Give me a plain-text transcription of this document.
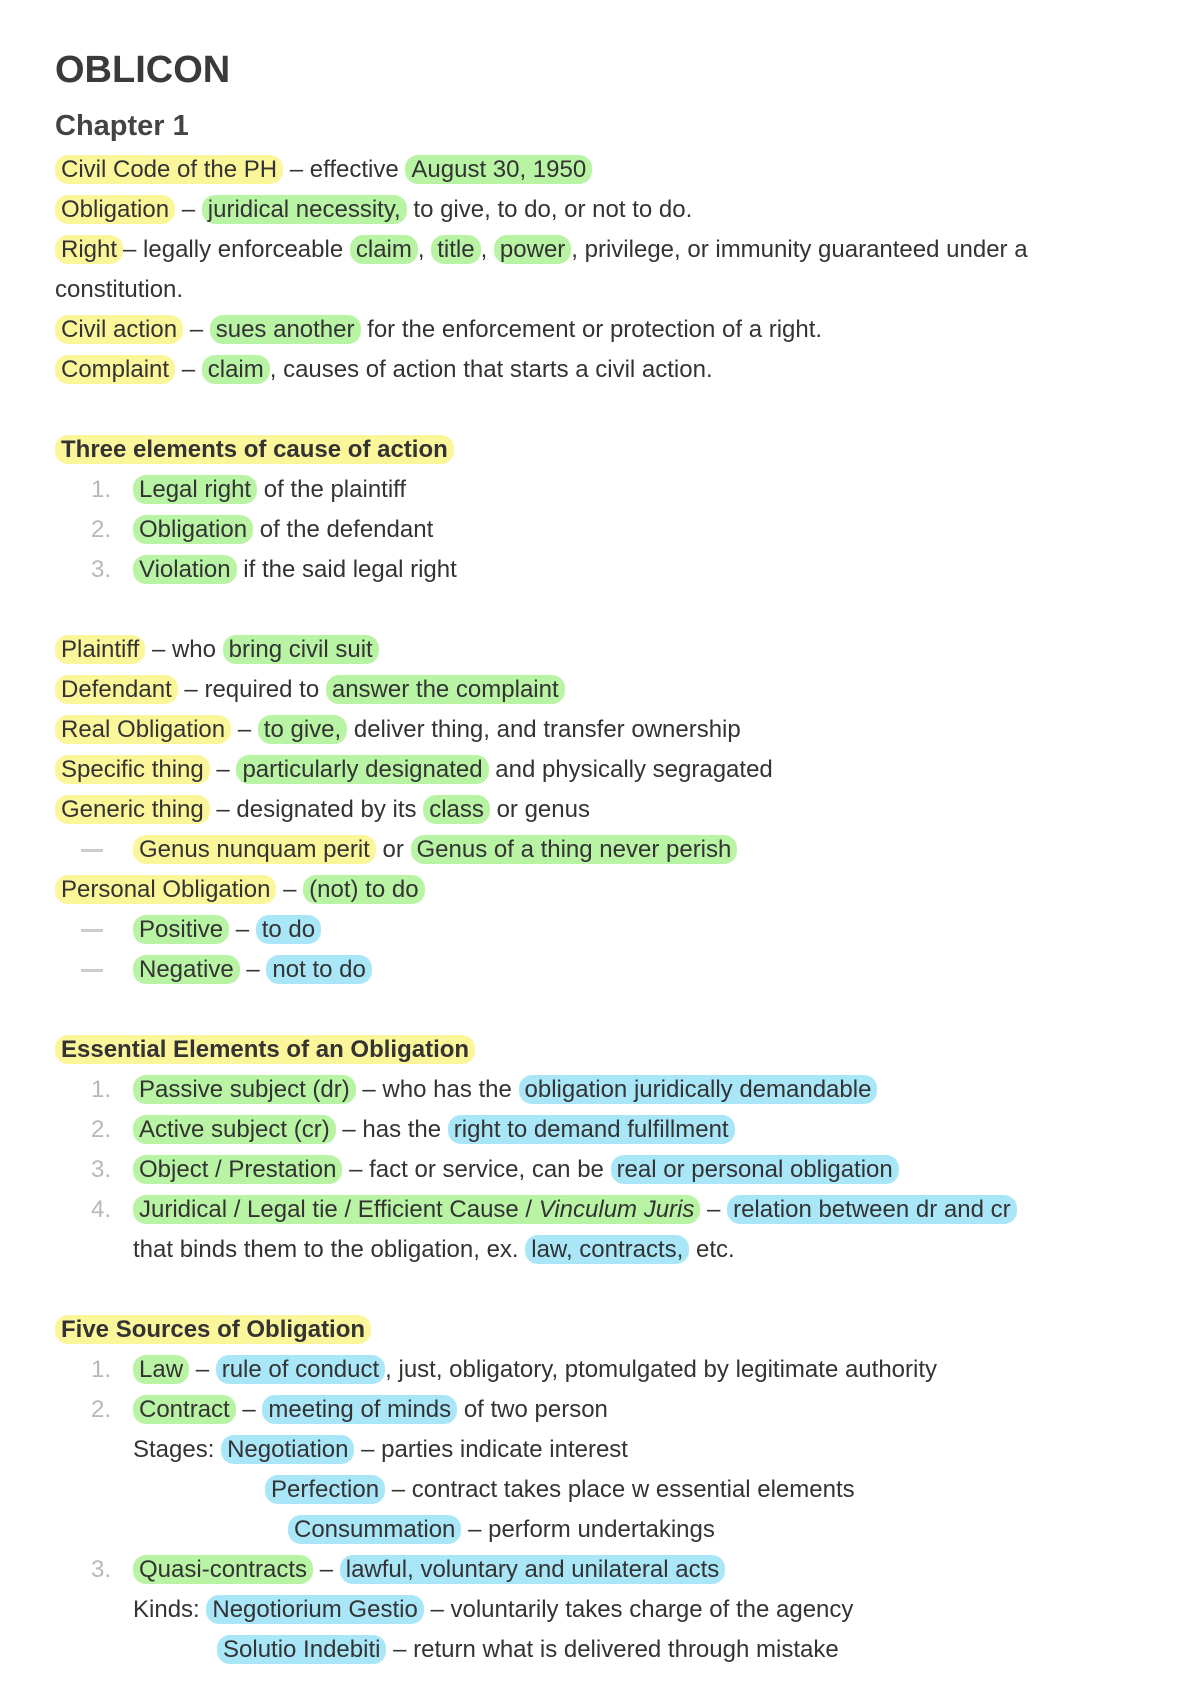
OBLICON
Chapter 1
Civil Code of the PH – effective August 30, 1950
Obligation – juridical necessity, to give, to do, or not to do.
Right – legally enforceable claim , title , power , privilege, or immunity guaranteed under a
constitution.
Civil action – sues another for the enforcement or protection of a right.
Complaint – claim , causes of action that starts a civil action.
Three elements of cause of action
1. Legal right of the plaintiff
2. Obligation of the defendant
3. Violation if the said legal right
Plaintiff – who bring civil suit
Defendant – required to answer the complaint
Real Obligation – to give, deliver thing, and transfer ownership
Specific thing – particularly designated and physically segragated
Generic thing – designated by its class or genus
Genus nunquam perit or Genus of a thing never perish
Personal Obligation – (not) to do
Positive – to do
Negative – not to do
Essential Elements of an Obligation
1. Passive subject (dr) – who has the obligation juridically demandable
2. Active subject (cr) – has the right to demand fulfillment
3. Object / Prestation – fact or service, can be real or personal obligation
4. Juridical / Legal tie / Efficient Cause / Vinculum Juris – relation between dr and cr
that binds them to the obligation, ex. law, contracts, etc.
Five Sources of Obligation
1. Law – rule of conduct , just, obligatory, ptomulgated by legitimate authority
2. Contract – meeting of minds of two person
Stages: Negotiation – parties indicate interest
Perfection – contract takes place w essential elements
Consummation – perform undertakings
3. Quasi-contracts – lawful, voluntary and unilateral acts
Kinds: Negotiorium Gestio – voluntarily takes charge of the agency
Solutio Indebiti – return what is delivered through mistake
